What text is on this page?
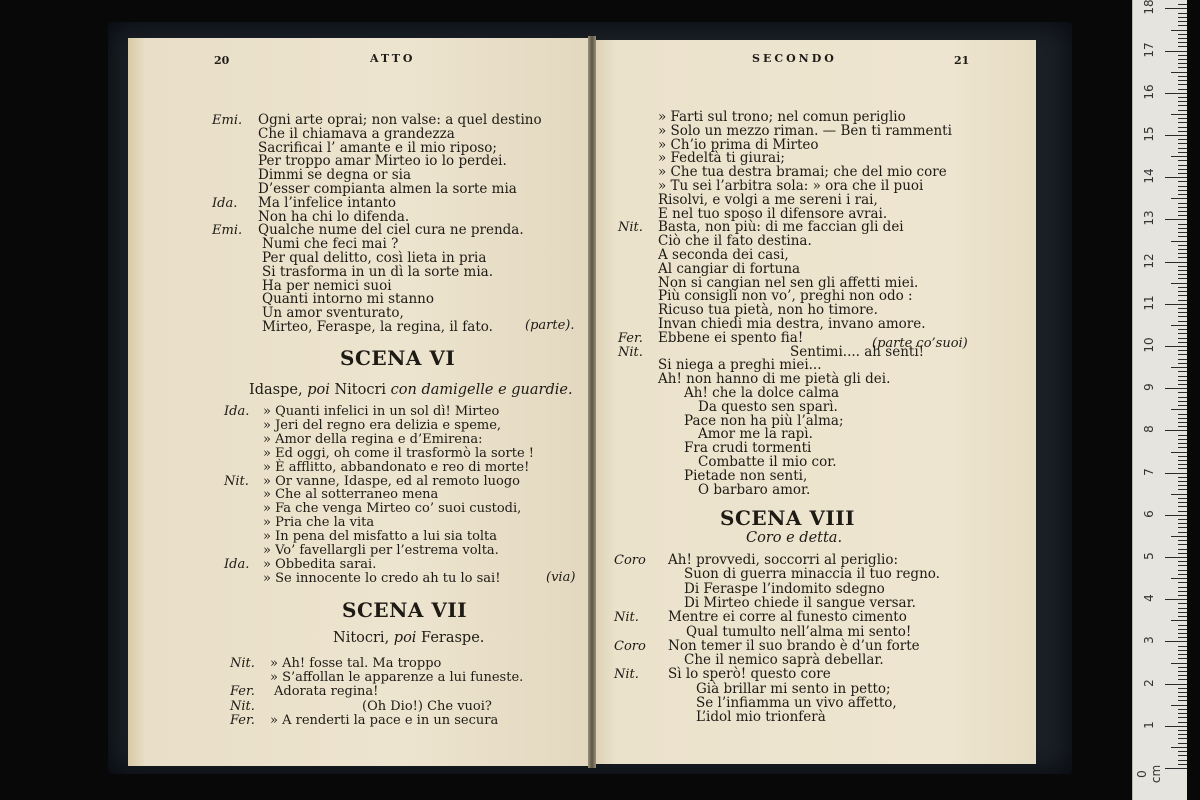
20	ATTO	SECONDO	21
Emi. Ogni arte oprai; non valse: a quel destino
Che il chiamava a grandezza
Sacrificai l’ amante e il mio riposo;
Per troppo amar Mirteo io lo perdei.
Dimmi se degna or sia
D’esser compianta almen la sorte mia
Ida. Ma l’infelice intanto
Non ha chi lo difenda.
Emi. Qualche nume del ciel cura ne prenda.
Numi che feci mai ?
Per qual delitto, così lieta in pria
Si trasforma in un dì la sorte mia.
Ha per nemici suoi
Quanti intorno mi stanno
Un amor sventurato,
Mirteo, Feraspe, la regina, il fato.
Ida. » Quanti infelici in un sol dì! Mirteo
» Jeri del regno era delizia e speme,
» Amor della regina e d’Emirena:
» Ed oggi, oh come il trasformò la sorte !
» È afflitto, abbandonato e reo di morte!
Nit. » Or vanne, Idaspe, ed al remoto luogo
» Che al sotterraneo mena
» Fa che venga Mirteo co’ suoi custodi,
» Pria che la vita
» In pena del misfatto a lui sia tolta
» Vo’ favellargli per l’estrema volta.
Ida. » Obbedita sarai.
» Se innocente lo credo ah tu lo sai!
Nit. » Ah! fosse tal. Ma troppo
» S’affollan le apparenze a lui funeste.
Fer. Adorata regina!
Nit.	(Oh Dio!) Che vuoi?
Fer. » A renderti la pace e in un secura
(parte).
SCENA VI
Idaspe, poi Nitocri con damigelle e guardie.
(via)
SCENA VII
Nitocri, poi Feraspe.
» Farti sul trono; nel comun periglio
» Solo un mezzo riman. — Ben ti rammenti
» Ch’io prima di Mirteo
» Fedeltà ti giurai;
» Che tua destra bramai; che del mio core
» Tu sei l’arbitra sola: » ora che il puoi
Risolvi, e volgi a me sereni i rai,
E nel tuo sposo il difensore avrai.
Nit. Basta, non più: di me faccian gli dei
Ciò che il fato destina.
A seconda dei casi,
Al cangiar di fortuna
Non si cangian nel sen gli affetti miei.
Più consigli non vo’, preghi non odo :
Ricuso tua pietà, non ho timore.
Invan chiedi mia destra, invano amore.
Fer. Ebbene ei spento fia!
Nit.	Sentimi.... ah senti!
Si niega a preghi miei...
Ah! non hanno di me pietà gli dei.
Ah! che la dolce calma
Da questo sen sparì.
Pace non ha più l’alma;
Amor me la rapì.
Fra crudi tormenti
Combatte il mio cor.
Pietade non senti,
O barbaro amor.
Coro Ah! provvedi, soccorri al periglio:
Suon di guerra minaccia il tuo regno.
Di Feraspe l’indomito sdegno
Di Mirteo chiede il sangue versar.
Nit. Mentre ei corre al funesto cimento
Qual tumulto nell’alma mi sento!
Coro Non temer il suo brando è d’un forte
Che il nemico saprà debellar.
Nit. Sì lo sperò! questo core
Già brillar mi sento in petto;
Se l’infiamma un vivo affetto,
L’idol mio trionferà
(parte co’suoi)
SCENA VIII
Coro e detta.
0 cm
1
2
3
4
5
6
7
8
9
10
11
12
13
14
15
16
17
18
